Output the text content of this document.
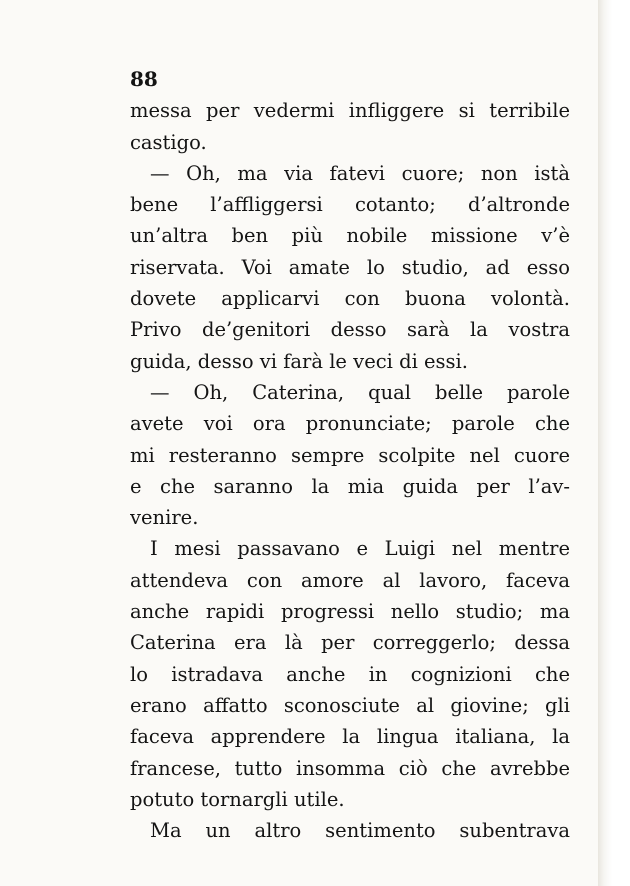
88
messa per vedermi infliggere si terribile
castigo.
— Oh, ma via fatevi cuore; non istà
bene l’affliggersi cotanto; d’altronde
un’altra ben più nobile missione v’è
riservata. Voi amate lo studio, ad esso
dovete applicarvi con buona volontà.
Privo de’genitori desso sarà la vostra
guida, desso vi farà le veci di essi.
— Oh, Caterina, qual belle parole
avete voi ora pronunciate; parole che
mi resteranno sempre scolpite nel cuore
e che saranno la mia guida per l’av-
venire.
I mesi passavano e Luigi nel mentre
attendeva con amore al lavoro, faceva
anche rapidi progressi nello studio; ma
Caterina era là per correggerlo; dessa
lo istradava anche in cognizioni che
erano affatto sconosciute al giovine; gli
faceva apprendere la lingua italiana, la
francese, tutto insomma ciò che avrebbe
potuto tornargli utile.
Ma un altro sentimento subentrava
